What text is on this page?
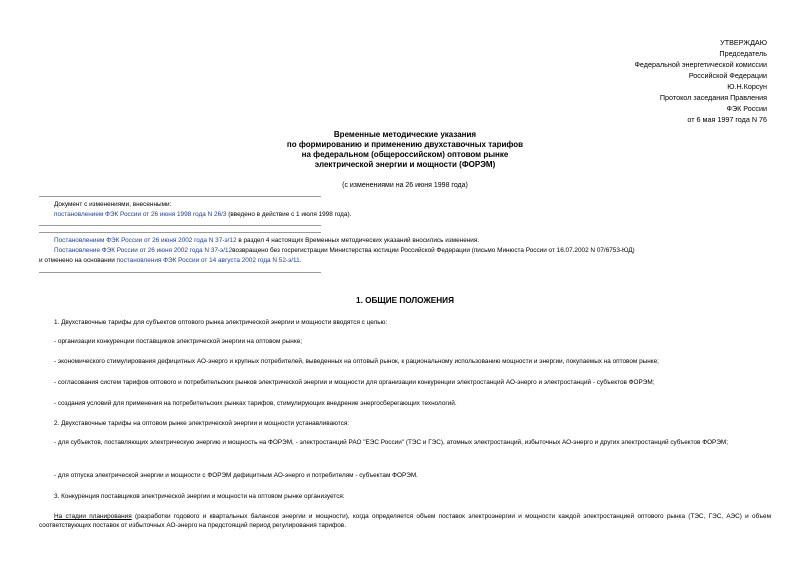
УТВЕРЖДАЮ
Председатель
Федеральной энергетической комиссии
Российской Федерации
Ю.Н.Корсун
Протокол заседания Правления
ФЭК России
от 6 мая 1997 года N 76
Временные методические указания
по формированию и применению двухставочных тарифов
на федеральном (общероссийском) оптовом рынке
электрической энергии и мощности (ФОРЭМ)
(с изменениями на 26 июня 1998 года)
Документ с изменениями, внесенными:
постановлением ФЭК России от 26 июня 1998 года N 26/3 (введено в действие с 1 июля 1998 года).
Постановлением ФЭК России от 26 июня 2002 года N 37-э/12 в раздел 4 настоящих Временных методических указаний вносились изменения.
Постановление ФЭК России от 26 июня 2002 года N 37-э/12возвращено без госрегистрации Министерства юстиции Российской Федерации (письмо Минюста России от 16.07.2002 N 07/6753-ЮД)
и отменено на основании постановления ФЭК России от 14 августа 2002 года N 52-э/11.
1. ОБЩИЕ ПОЛОЖЕНИЯ
1. Двухставочные тарифы для субъектов оптового рынка электрической энергии и мощности вводятся с целью:
- организации конкуренции поставщиков электрической энергии на оптовом рынке;
- экономического стимулирования дефицитных АО-энерго и крупных потребителей, выведенных на оптовый рынок, к рациональному использованию мощности и энергии, покупаемых на оптовом рынке;
- согласования систем тарифов оптового и потребительских рынков электрической энергии и мощности для организации конкуренции электростанций АО-энерго и электростанций - субъектов ФОРЭМ;
- создания условий для применения на потребительских рынках тарифов, стимулирующих внедрение энергосберегающих технологий.
2. Двухставочные тарифы на оптовом рынке электрической энергии и мощности устанавливаются:
- для субъектов, поставляющих электрическую энергию и мощность на ФОРЭМ, - электростанций РАО "ЕЭС России" (ТЭС и ГЭС), атомных электростанций, избыточных АО-энерго и других электростанций субъектов ФОРЭМ;
- для отпуска электрической энергии и мощности с ФОРЭМ дефицитным АО-энерго и потребителям - субъектам ФОРЭМ.
3. Конкуренция поставщиков электрической энергии и мощности на оптовом рынке организуется:
На стадии планирования (разработки годового и квартальных балансов энергии и мощности), когда определяется объем поставок электроэнергии и мощности каждой электростанцией оптового рынка (ТЭС, ГЭС, АЭС) и объем соответствующих поставок от избыточных АО-энерго на предстоящий период регулирования тарифов.
